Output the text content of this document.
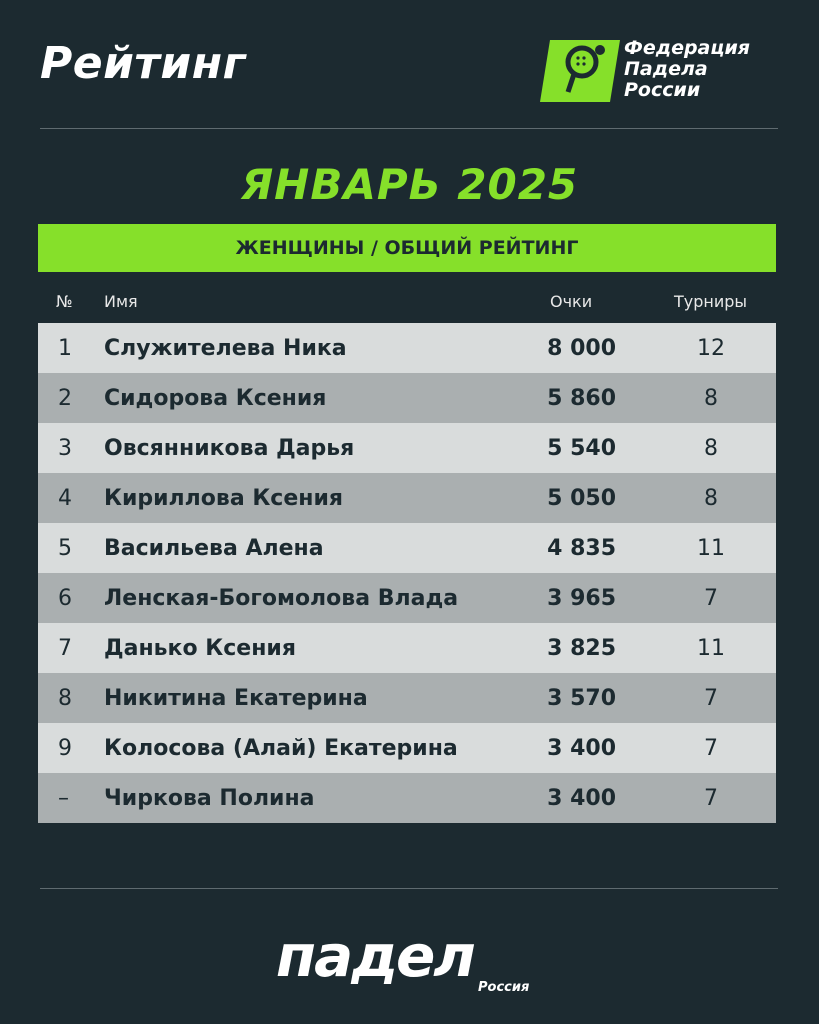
Рейтинг	Федерация
Падела
России
ЯНВАРЬ 2025
ЖЕНЩИНЫ / ОБЩИЙ РЕЙТИНГ
№ Имя	Очки	Турниры
1 Служителева Ника	8 000	12
2 Сидорова Ксения	5 860	8
3 Овсянникова Дарья	5 540	8
4 Кириллова Ксения	5 050	8
5 Васильева Алена	4 835	11
6 Ленская-Богомолова Влада	3 965	7
7 Данько Ксения	3 825	11
8 Никитина Екатерина	3 570	7
9 Колосова (Алай) Екатерина	3 400	7
– Чиркова Полина	3 400	7
падел Россия
